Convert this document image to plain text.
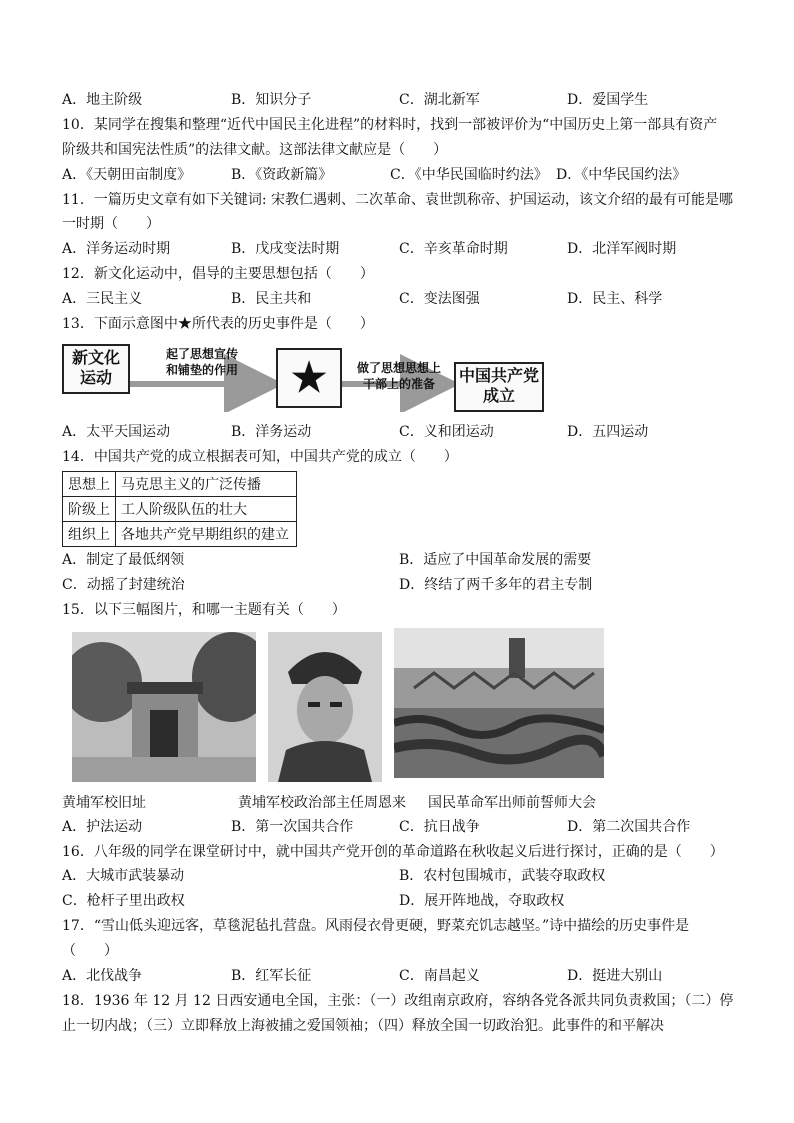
A．地主阶级	B．知识分子	C．湖北新军	D．爱国学生
10．某同学在搜集和整理“近代中国民主化进程”的材料时，找到一部被评价为“中国历史上第一部具有资产
阶级共和国宪法性质”的法律文献。这部法律文献应是（　　）
A．《天朝田亩制度》	B．《资政新篇》	C．《中华民国临时约法》 D．《中华民国约法》
11．一篇历史文章有如下关键词: 宋教仁遇刺、二次革命、袁世凯称帝、护国运动，该文介绍的最有可能是哪
一时期（　　）
A．洋务运动时期	B．戊戌变法时期	C．辛亥革命时期	D．北洋军阀时期
12．新文化运动中，倡导的主要思想包括（　　）
A．三民主义	B．民主共和	C．变法图强	D．民主、科学
13．下面示意图中★所代表的历史事件是（　　）
新文化
运动
起了思想宣传
和铺垫的作用	★	做了思想思想上
干部上的准备	中国共产党
成立
A．太平天国运动	B．洋务运动	C．义和团运动	D．五四运动
14．中国共产党的成立根据表可知，中国共产党的成立（　　）
思想上	马克思主义的广泛传播
阶级上	工人阶级队伍的壮大
组织上	各地共产党早期组织的建立
A．制定了最低纲领	B．适应了中国革命发展的需要
C．动摇了封建统治	D．终结了两千多年的君主专制
15．以下三幅图片，和哪一主题有关（　　）
黄埔军校旧址	黄埔军校政治部主任周恩来 国民革命军出师前誓师大会
A．护法运动	B．第一次国共合作	C．抗日战争	D．第二次国共合作
16．八年级的同学在课堂研讨中，就中国共产党开创的革命道路在秋收起义后进行探讨，正确的是（　　）
A．大城市武装暴动	B．农村包围城市，武装夺取政权
C．枪杆子里出政权	D．展开阵地战，夺取政权
17．“雪山低头迎远客，草毯泥毡扎营盘。风雨侵衣骨更硬，野菜充饥志越坚。”诗中描绘的历史事件是
（　　）
A．北伐战争	B．红军长征	C．南昌起义	D．挺进大别山
18．1936 年 12 月 12 日西安通电全国，主张：（一）改组南京政府，容纳各党各派共同负责救国；（二）停
止一切内战；（三）立即释放上海被捕之爱国领袖；（四）释放全国一切政治犯。此事件的和平解决
